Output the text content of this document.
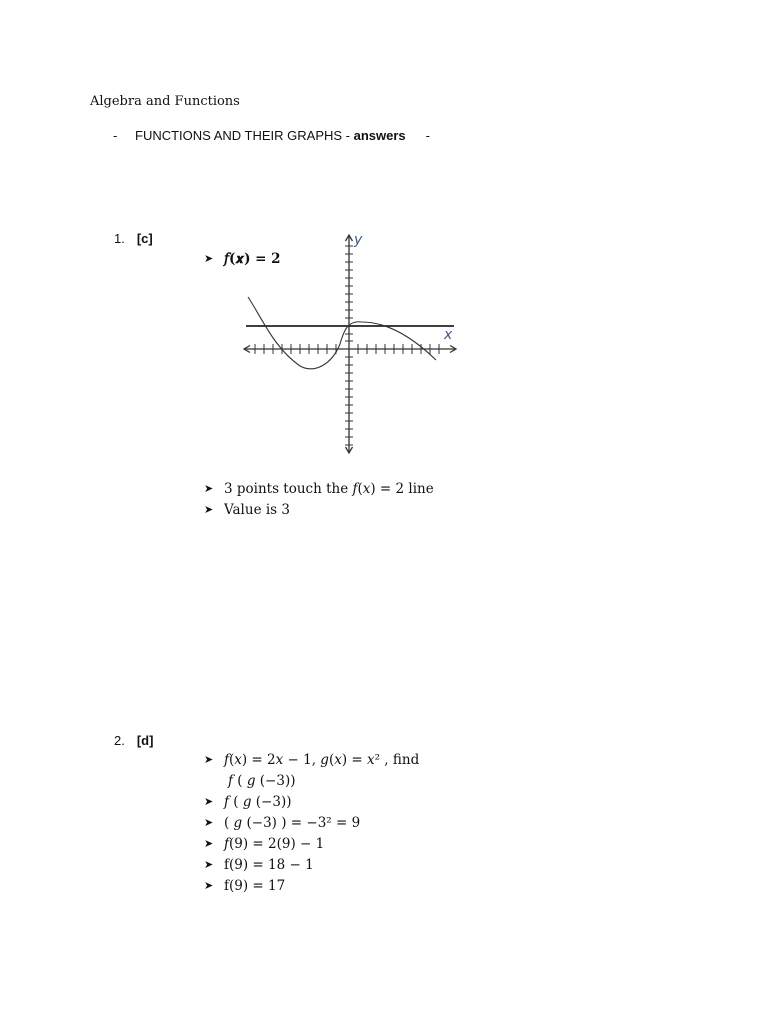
Algebra and Functions
- FUNCTIONS AND THEIR GRAPHS - answers -
1. [c]
➤ 𝑓(𝒙) = 𝟐
y
x
➤ 3 points touch the 𝑓(𝑥) = 2 line
➤ Value is 3
2. [d]
➤ 𝑓(𝑥) = 2𝑥 − 1, 𝑔(𝑥) = 𝑥² , find
𝑓 ( 𝑔 (−3))
➤ 𝑓 ( 𝑔 (−3))
➤ ( 𝑔 (−3) ) = −3² = 9
➤ 𝑓(9) = 2(9) − 1
➤ f(9) = 18 − 1
➤ f(9) = 17
